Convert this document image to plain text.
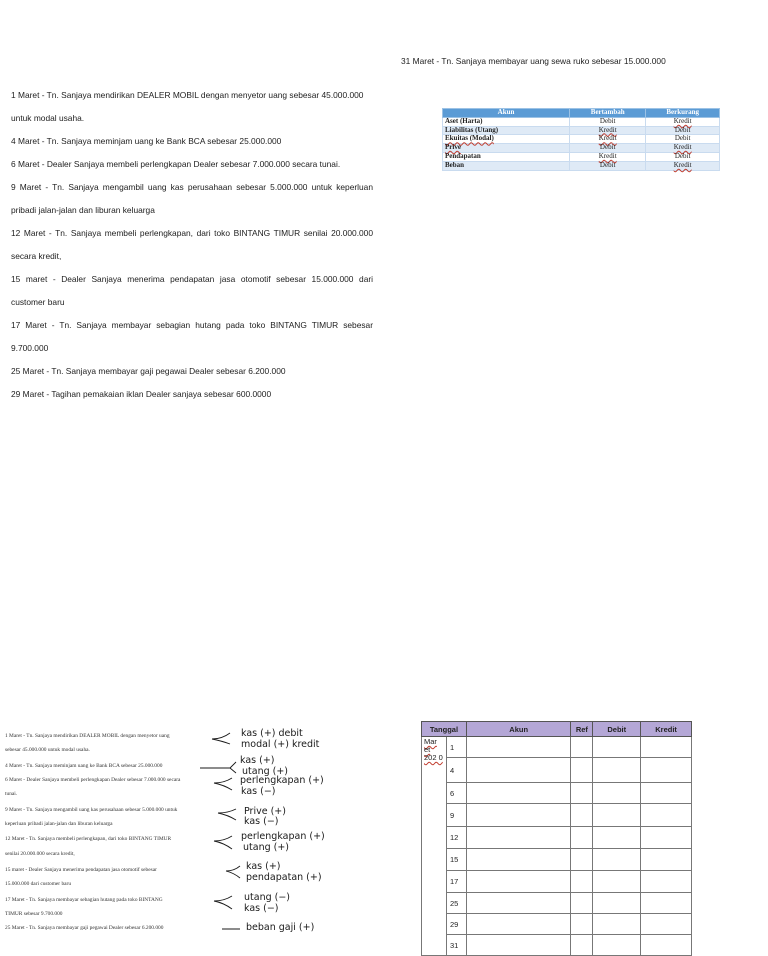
31 Maret - Tn. Sanjaya membayar uang sewa ruko sebesar 15.000.000

1 Maret - Tn. Sanjaya mendirikan DEALER MOBIL dengan menyetor uang sebesar 45.000.000

untuk modal usaha.

4 Maret - Tn. Sanjaya meminjam uang ke Bank BCA sebesar 25.000.000

6 Maret - Dealer Sanjaya membeli perlengkapan Dealer sebesar 7.000.000 secara tunai.

9 Maret - Tn. Sanjaya mengambil uang kas perusahaan sebesar 5.000.000 untuk keperluan

pribadi jalan-jalan dan liburan keluarga

12 Maret - Tn. Sanjaya membeli perlengkapan, dari toko BINTANG TIMUR senilai 20.000.000

secara kredit,

15 maret - Dealer Sanjaya menerima pendapatan jasa otomotif sebesar 15.000.000 dari

customer baru

17 Maret - Tn. Sanjaya membayar sebagian hutang pada toko BINTANG TIMUR sebesar

9.700.000

25 Maret - Tn. Sanjaya membayar gaji pegawai Dealer sebesar 6.200.000

29 Maret - Tagihan pemakaian iklan Dealer sanjaya sebesar 600.0000

Akun	Bertambah	Berkurang
Aset (Harta)	Debit	Kredit
Liabilitas (Utang)	Kredit	Debit
Ekuitas (Modal)	Kredit	Debit
Prive	Debit	Kredit
Pendapatan	Kredit	Debit
Beban	Debit	Kredit
1 Maret - Tn. Sanjaya mendirikan DEALER MOBIL dengan menyetor uang
sebesar 45.000.000 untuk modal usaha.
4 Maret - Tn. Sanjaya meminjam uang ke Bank BCA sebesar 25.000.000
6 Maret - Dealer Sanjaya membeli perlengkapan Dealer sebesar 7.000.000 secara
tunai.
9 Maret - Tn. Sanjaya mengambil uang kas perusahaan sebesar 5.000.000 untuk
keperluan pribadi jalan-jalan dan liburan keluarga
12 Maret - Tn. Sanjaya membeli perlengkapan, dari toko BINTANG TIMUR
senilai 20.000.000 secara kredit,
15 maret - Dealer Sanjaya menerima pendapatan jasa otomotif sebesar
15.000.000 dari customer baru
17 Maret - Tn. Sanjaya membayar sebagian hutang pada toko BINTANG
TIMUR sebesar 9.700.000
25 Maret - Tn. Sanjaya membayar gaji pegawai Dealer sebesar 6.200.000
kas (+) debit
modal (+) kredit
kas (+)
utang (+)
perlengkapan (+)
kas (−)
Prive (+)
kas (−)
perlengkapan (+)
utang (+)
kas (+)
pendapatan (+)
utang (−)
kas (−)
beban gaji (+)
Tanggal		Akun	Ref	Debit	Kredit
Mar et 202 0	1				
	4				
	6				
	9				
	12				
	15				
	17				
	25				
	29				
	31				
